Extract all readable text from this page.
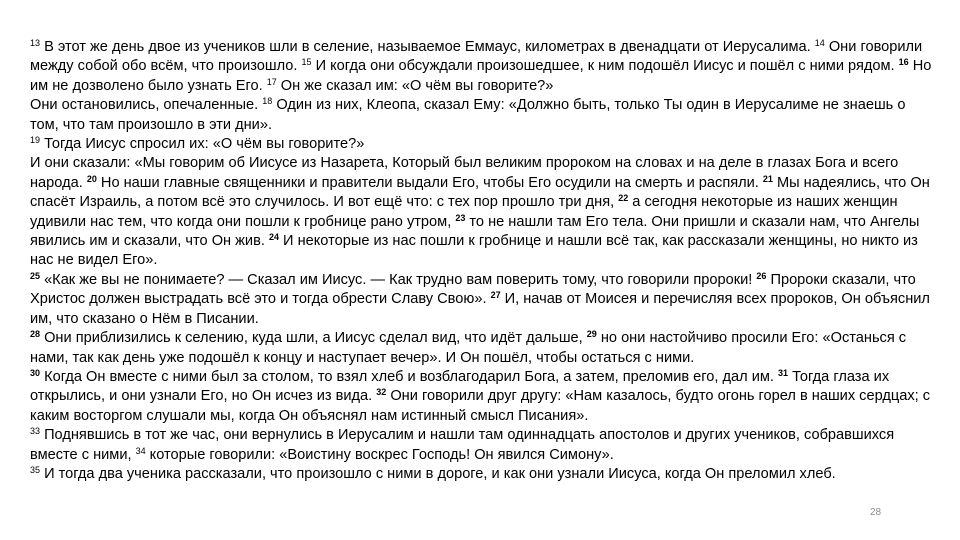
$^{13}$ В этот же день двое из учеников шли в селение, называемое Еммаус, километрах в двенадцати от Иерусалима. $^{14}$ Они говорили между собой обо всём, что произошло. $^{15}$ И когда они обсуждали произошедшее, к ним подошёл Иисус и пошёл с ними рядом. $^{16}$ Но им не дозволено было узнать Его. $^{17}$ Он же сказал им: «О чём вы говорите?»

Они остановились, опечаленные. $^{18}$ Один из них, Клеопа, сказал Ему: «Должно быть, только Ты один в Иерусалиме не знаешь о том, что там произошло в эти дни».

$^{19}$ Тогда Иисус спросил их: «О чём вы говорите?»

И они сказали: «Мы говорим об Иисусе из Назарета, Который был великим пророком на словах и на деле в глазах Бога и всего народа. $^{20}$ Но наши главные священники и правители выдали Его, чтобы Его осудили на смерть и распяли. $^{21}$ Мы надеялись, что Он спасёт Израиль, а потом всё это случилось. И вот ещё что: с тех пор прошло три дня, $^{22}$ а сегодня некоторые из наших женщин удивили нас тем, что когда они пошли к гробнице рано утром, $^{23}$ то не нашли там Его тела. Они пришли и сказали нам, что Ангелы явились им и сказали, что Он жив. $^{24}$ И некоторые из нас пошли к гробнице и нашли всё так, как рассказали женщины, но никто из нас не видел Его».

$^{25}$ «Как же вы не понимаете? — Сказал им Иисус. — Как трудно вам поверить тому, что говорили пророки! $^{26}$ Пророки сказали, что Христос должен выстрадать всё это и тогда обрести Славу Свою». $^{27}$ И, начав от Моисея и перечисляя всех пророков, Он объяснил им, что сказано о Нём в Писании.

$^{28}$ Они приблизились к селению, куда шли, а Иисус сделал вид, что идёт дальше, $^{29}$ но они настойчиво просили Его: «Останься с нами, так как день уже подошёл к концу и наступает вечер». И Он пошёл, чтобы остаться с ними.

$^{30}$ Когда Он вместе с ними был за столом, то взял хлеб и возблагодарил Бога, а затем, преломив его, дал им. $^{31}$ Тогда глаза их открылись, и они узнали Его, но Он исчез из вида. $^{32}$ Они говорили друг другу: «Нам казалось, будто огонь горел в наших сердцах; с каким восторгом слушали мы, когда Он объяснял нам истинный смысл Писания».

$^{33}$ Поднявшись в тот же час, они вернулись в Иерусалим и нашли там одиннадцать апостолов и других учеников, собравшихся вместе с ними, $^{34}$ которые говорили: «Воистину воскрес Господь! Он явился Симону».

$^{35}$ И тогда два ученика рассказали, что произошло с ними в дороге, и как они узнали Иисуса, когда Он преломил хлеб.

28
